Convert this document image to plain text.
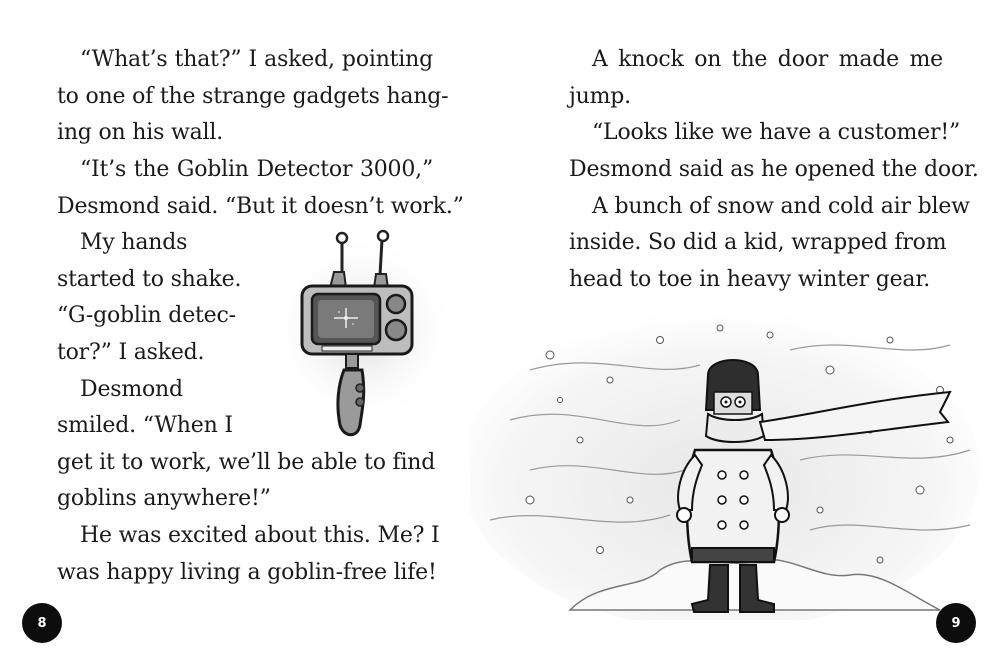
“What’s that?” I asked, pointing
to one of the strange gadgets hang-
ing on his wall.
“It’s the Goblin Detector 3000,”
Desmond said. “But it doesn’t work.”
My hands
started to shake.
“G-goblin detec-
tor?” I asked.
Desmond
smiled. “When I
get it to work, we’ll be able to find
goblins anywhere!”
He was excited about this. Me? I
was happy living a goblin-free life!
8
A knock on the door made me
jump.
“Looks like we have a customer!”
Desmond said as he opened the door.
A bunch of snow and cold air blew
inside. So did a kid, wrapped from
head to toe in heavy winter gear.
9
